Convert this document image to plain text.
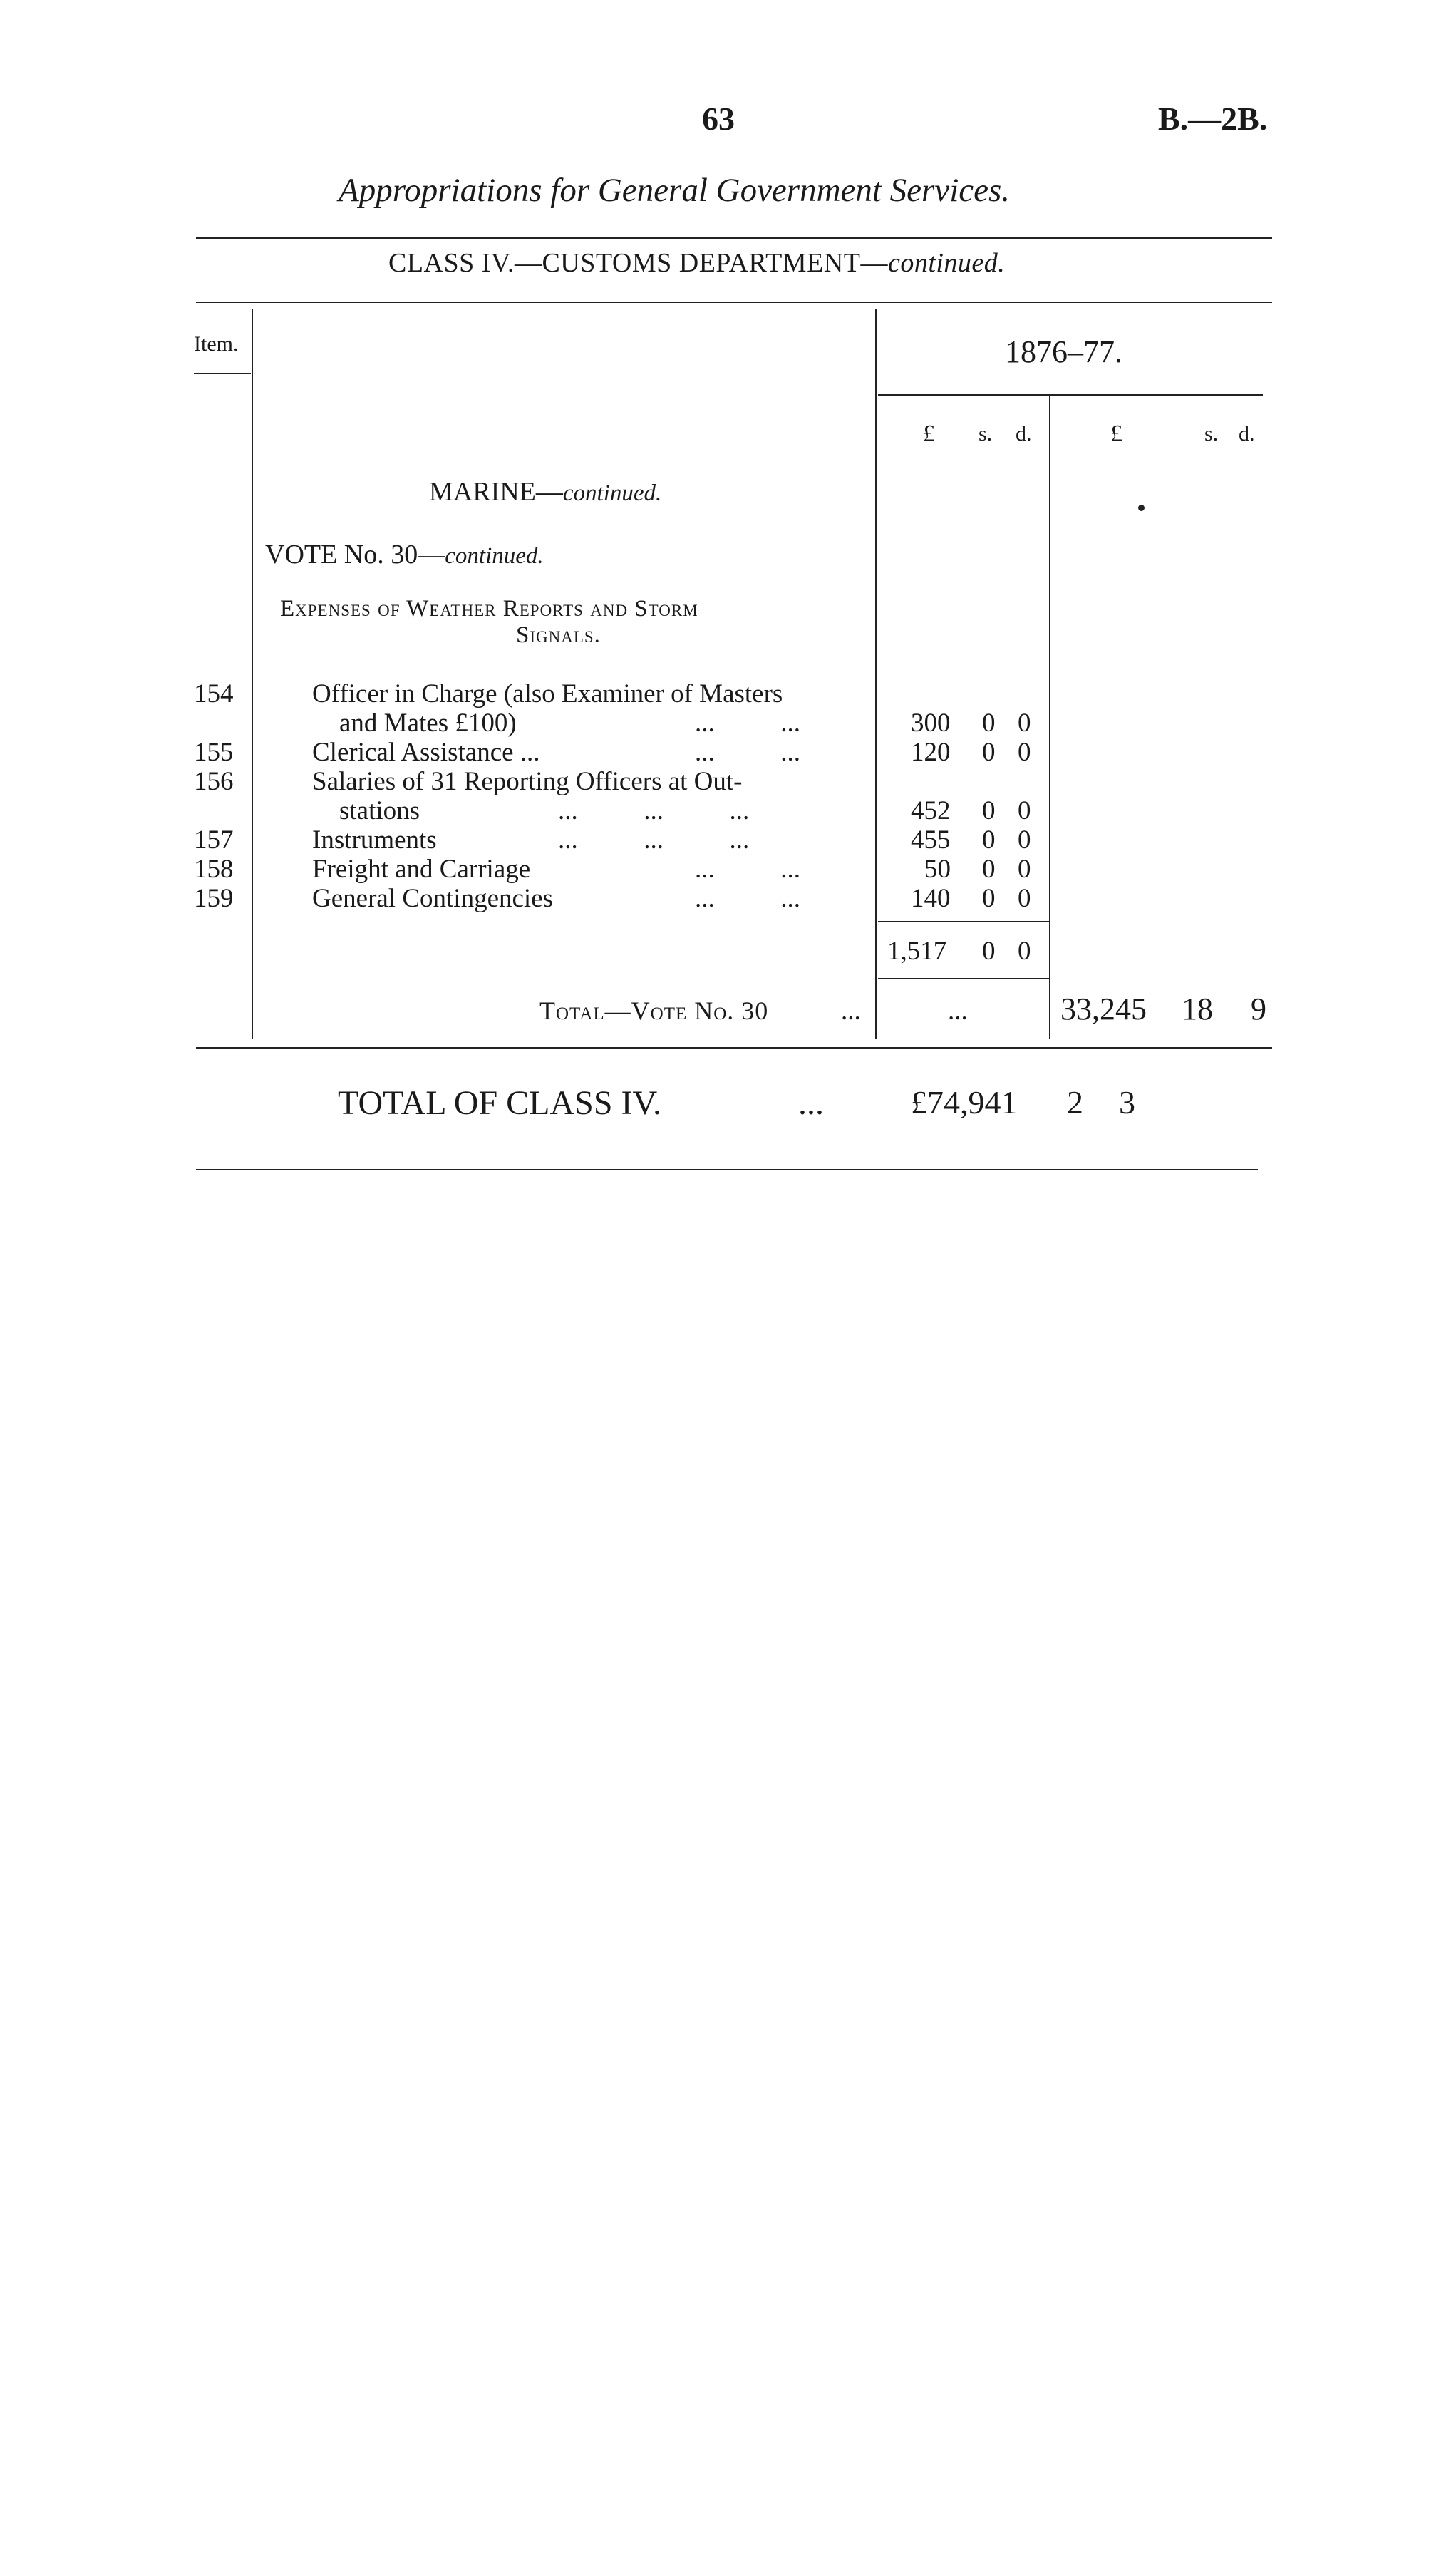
63	B.—2B.
Appropriations for General Government Services.
CLASS IV.—CUSTOMS DEPARTMENT—continued.
Item.	1876–77.
£ s. d.	£	s. d.
MARINE—continued.
VOTE No. 30—continued.
Expenses of Weather Reports and Storm
Signals.
154	Officer in Charge (also Examiner of Masters
and Mates £100)	...          ...	300 0 0
155	Clerical Assistance ...	...          ...	120 0 0
156	Salaries of 31 Reporting Officers at Out-
stations	...          ...          ...	452 0 0
157	Instruments	...          ...          ...	455 0 0
158	Freight and Carriage	...          ...	50 0 0
159	General Contingencies	...          ...	140 0 0
1,517 0 0
Total—Vote No. 30	...	...	33,245 18 9
TOTAL OF CLASS IV.	...	£74,941 2 3
